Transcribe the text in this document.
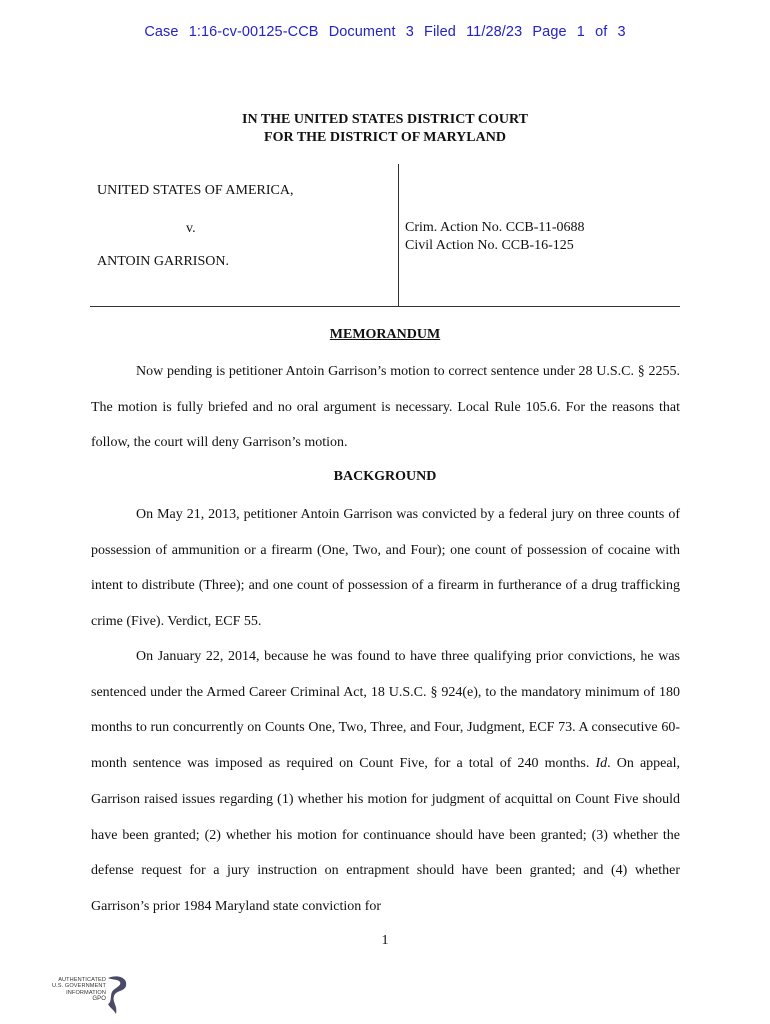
Case 1:16-cv-00125-CCB Document 3 Filed 11/28/23 Page 1 of 3
IN THE UNITED STATES DISTRICT COURT
FOR THE DISTRICT OF MARYLAND
UNITED STATES OF AMERICA,
v.
ANTOIN GARRISON.
Crim. Action No. CCB-11-0688
Civil Action No. CCB-16-125
MEMORANDUM

Now pending is petitioner Antoin Garrison’s motion to correct sentence under 28 U.S.C. § 2255. The motion is fully briefed and no oral argument is necessary. Local Rule 105.6. For the reasons that follow, the court will deny Garrison’s motion.

BACKGROUND

On May 21, 2013, petitioner Antoin Garrison was convicted by a federal jury on three counts of possession of ammunition or a firearm (One, Two, and Four); one count of possession of cocaine with intent to distribute (Three); and one count of possession of a firearm in furtherance of a drug trafficking crime (Five). Verdict, ECF 55.

On January 22, 2014, because he was found to have three qualifying prior convictions, he was sentenced under the Armed Career Criminal Act, 18 U.S.C. § 924(e), to the mandatory minimum of 180 months to run concurrently on Counts One, Two, Three, and Four, Judgment, ECF 73. A consecutive 60-month sentence was imposed as required on Count Five, for a total of 240 months. Id. On appeal, Garrison raised issues regarding (1) whether his motion for judgment of acquittal on Count Five should have been granted; (2) whether his motion for continuance should have been granted; (3) whether the defense request for a jury instruction on entrapment should have been granted; and (4) whether Garrison’s prior 1984 Maryland state conviction for

1
AUTHENTICATED
U.S. GOVERNMENT
INFORMATION
GPO
